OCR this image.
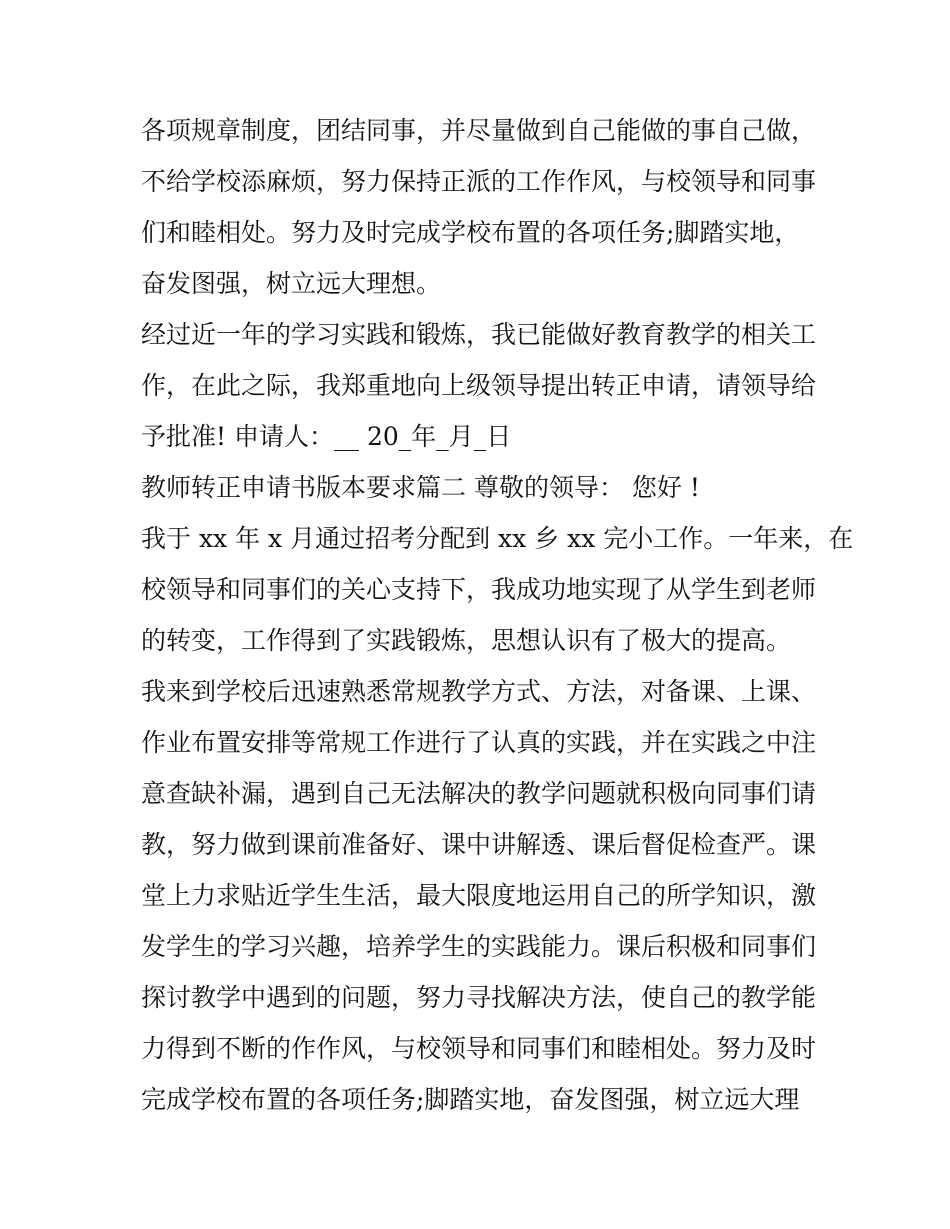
各项规章制度，团结同事，并尽量做到自己能做的事自己做，
不给学校添麻烦，努力保持正派的工作作风，与校领导和同事
们和睦相处。努力及时完成学校布置的各项任务;脚踏实地，
奋发图强，树立远大理想。
经过近一年的学习实践和锻炼，我已能做好教育教学的相关工
作，在此之际，我郑重地向上级领导提出转正申请，请领导给
予批准! 申请人：__ 20_年_月_日
教师转正申请书版本要求篇二 尊敬的领导： 您好 !
我于 xx 年 x 月通过招考分配到 xx 乡 xx 完小工作。一年来，在
校领导和同事们的关心支持下，我成功地实现了从学生到老师
的转变，工作得到了实践锻炼，思想认识有了极大的提高。
我来到学校后迅速熟悉常规教学方式、方法，对备课、上课、
作业布置安排等常规工作进行了认真的实践，并在实践之中注
意查缺补漏，遇到自己无法解决的教学问题就积极向同事们请
教，努力做到课前准备好、课中讲解透、课后督促检查严。课
堂上力求贴近学生生活，最大限度地运用自己的所学知识，激
发学生的学习兴趣，培养学生的实践能力。课后积极和同事们
探讨教学中遇到的问题，努力寻找解决方法，使自己的教学能
力得到不断的作作风，与校领导和同事们和睦相处。努力及时
完成学校布置的各项任务;脚踏实地，奋发图强，树立远大理
